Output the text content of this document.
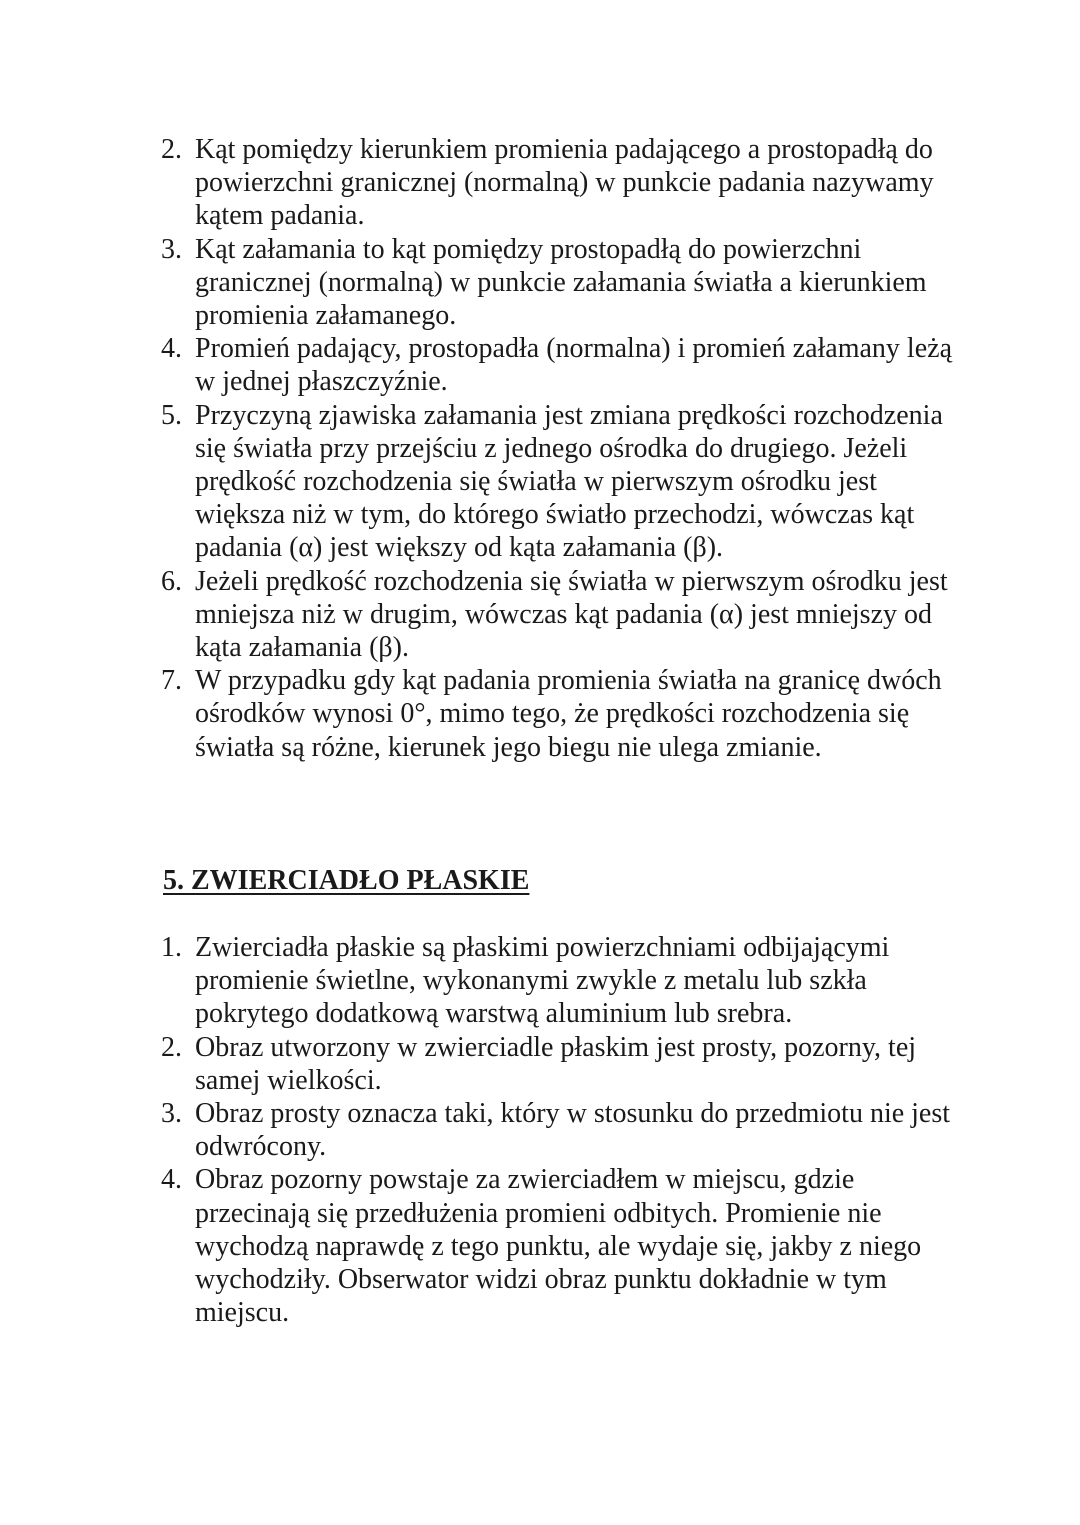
2. Kąt pomiędzy kierunkiem promienia padającego a prostopadłą do powierzchni granicznej (normalną) w punkcie padania nazywamy kątem padania.
3. Kąt załamania to kąt pomiędzy prostopadłą do powierzchni granicznej (normalną) w punkcie załamania światła a kierunkiem promienia załamanego.
4. Promień padający, prostopadła (normalna) i promień załamany leżą w jednej płaszczyźnie.
5. Przyczyną zjawiska załamania jest zmiana prędkości rozchodzenia się światła przy przejściu z jednego ośrodka do drugiego. Jeżeli prędkość rozchodzenia się światła w pierwszym ośrodku jest większa niż w tym, do którego światło przechodzi, wówczas kąt padania (α) jest większy od kąta załamania (β).
6. Jeżeli prędkość rozchodzenia się światła w pierwszym ośrodku jest mniejsza niż w drugim, wówczas kąt padania (α) jest mniejszy od kąta załamania (β).
7. W przypadku gdy kąt padania promienia światła na granicę dwóch ośrodków wynosi 0°, mimo tego, że prędkości rozchodzenia się światła są różne, kierunek jego biegu nie ulega zmianie.
5. ZWIERCIADŁO PŁASKIE
1. Zwierciadła płaskie są płaskimi powierzchniami odbijającymi promienie świetlne, wykonanymi zwykle z metalu lub szkła pokrytego dodatkową warstwą aluminium lub srebra.
2. Obraz utworzony w zwierciadle płaskim jest prosty, pozorny, tej samej wielkości.
3. Obraz prosty oznacza taki, który w stosunku do przedmiotu nie jest odwrócony.
4. Obraz pozorny powstaje za zwierciadłem w miejscu, gdzie przecinają się przedłużenia promieni odbitych. Promienie nie wychodzą naprawdę z tego punktu, ale wydaje się, jakby z niego wychodziły. Obserwator widzi obraz punktu dokładnie w tym miejscu.
